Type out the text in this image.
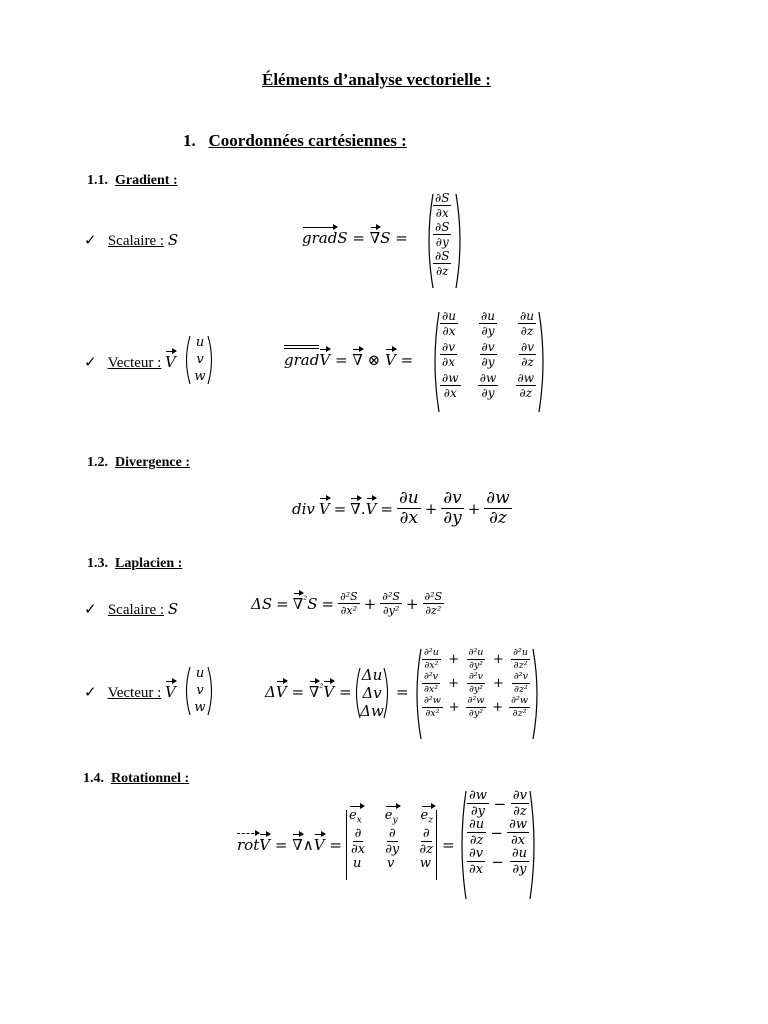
Éléments d’analyse vectorielle :
1. Coordonnées cartésiennes :
1.1. Gradient :
✓ Scalaire : S	gradS = ∇S =
∂S
∂x
∂S
∂y
∂S
∂z
✓ Vecteur : V
u
v
w
gradV = ∇ ⊗ V =
$\frac{\partial u}{\partial x} \frac{\partial u}{\partial y} \frac{\partial u}{\partial z}$
$\frac{\partial v}{\partial x} \frac{\partial v}{\partial y} \frac{\partial v}{\partial z}$
$\frac{\partial w}{\partial x} \frac{\partial w}{\partial y} \frac{\partial w}{\partial z}$
1.2. Divergence :
div $V = \nabla.V = \frac{\partial u}{\partial x} + \frac{\partial v}{\partial y} + \frac{\partial w}{\partial z}$
1.3. Laplacien :
✓ Scalaire : S	$\Delta S = \nabla^{^2}S = \frac{\text{∂²S}}{\text{∂x²}} + \frac{\text{∂²S}}{\text{∂y²}} + \frac{\text{∂²S}}{\text{∂z²}}$
✓ Vecteur : V
u
v
w
ΔV = ∇$^{^2}$V =
Δu
Δv
Δw
=
$\frac{\text{∂²u}}{\text{∂x²}} + \frac{\text{∂²u}}{\text{∂y²}} + \frac{\text{∂²u}}{\text{∂z²}}$
$\frac{\text{∂²v}}{\text{∂x²}} + \frac{\text{∂²v}}{\text{∂y²}} + \frac{\text{∂²v}}{\text{∂z²}}$
$\frac{\text{∂²w}}{\text{∂x²}} + \frac{\text{∂²w}}{\text{∂y²}} + \frac{\text{∂²w}}{\text{∂z²}}$
1.4. Rotationnel :
rotV = ∇∧V =
$e_x$ $e_y$ $e_z$
$\frac{\partial}{\partial x} \frac{\partial}{\partial y} \frac{\partial}{\partial z}$
u v w
=
$\frac{\partial w}{\partial y} - \frac{\partial v}{\partial z}$
$\frac{\partial u}{\partial z} - \frac{\partial w}{\partial x}$
$\frac{\partial v}{\partial x} - \frac{\partial u}{\partial y}$
